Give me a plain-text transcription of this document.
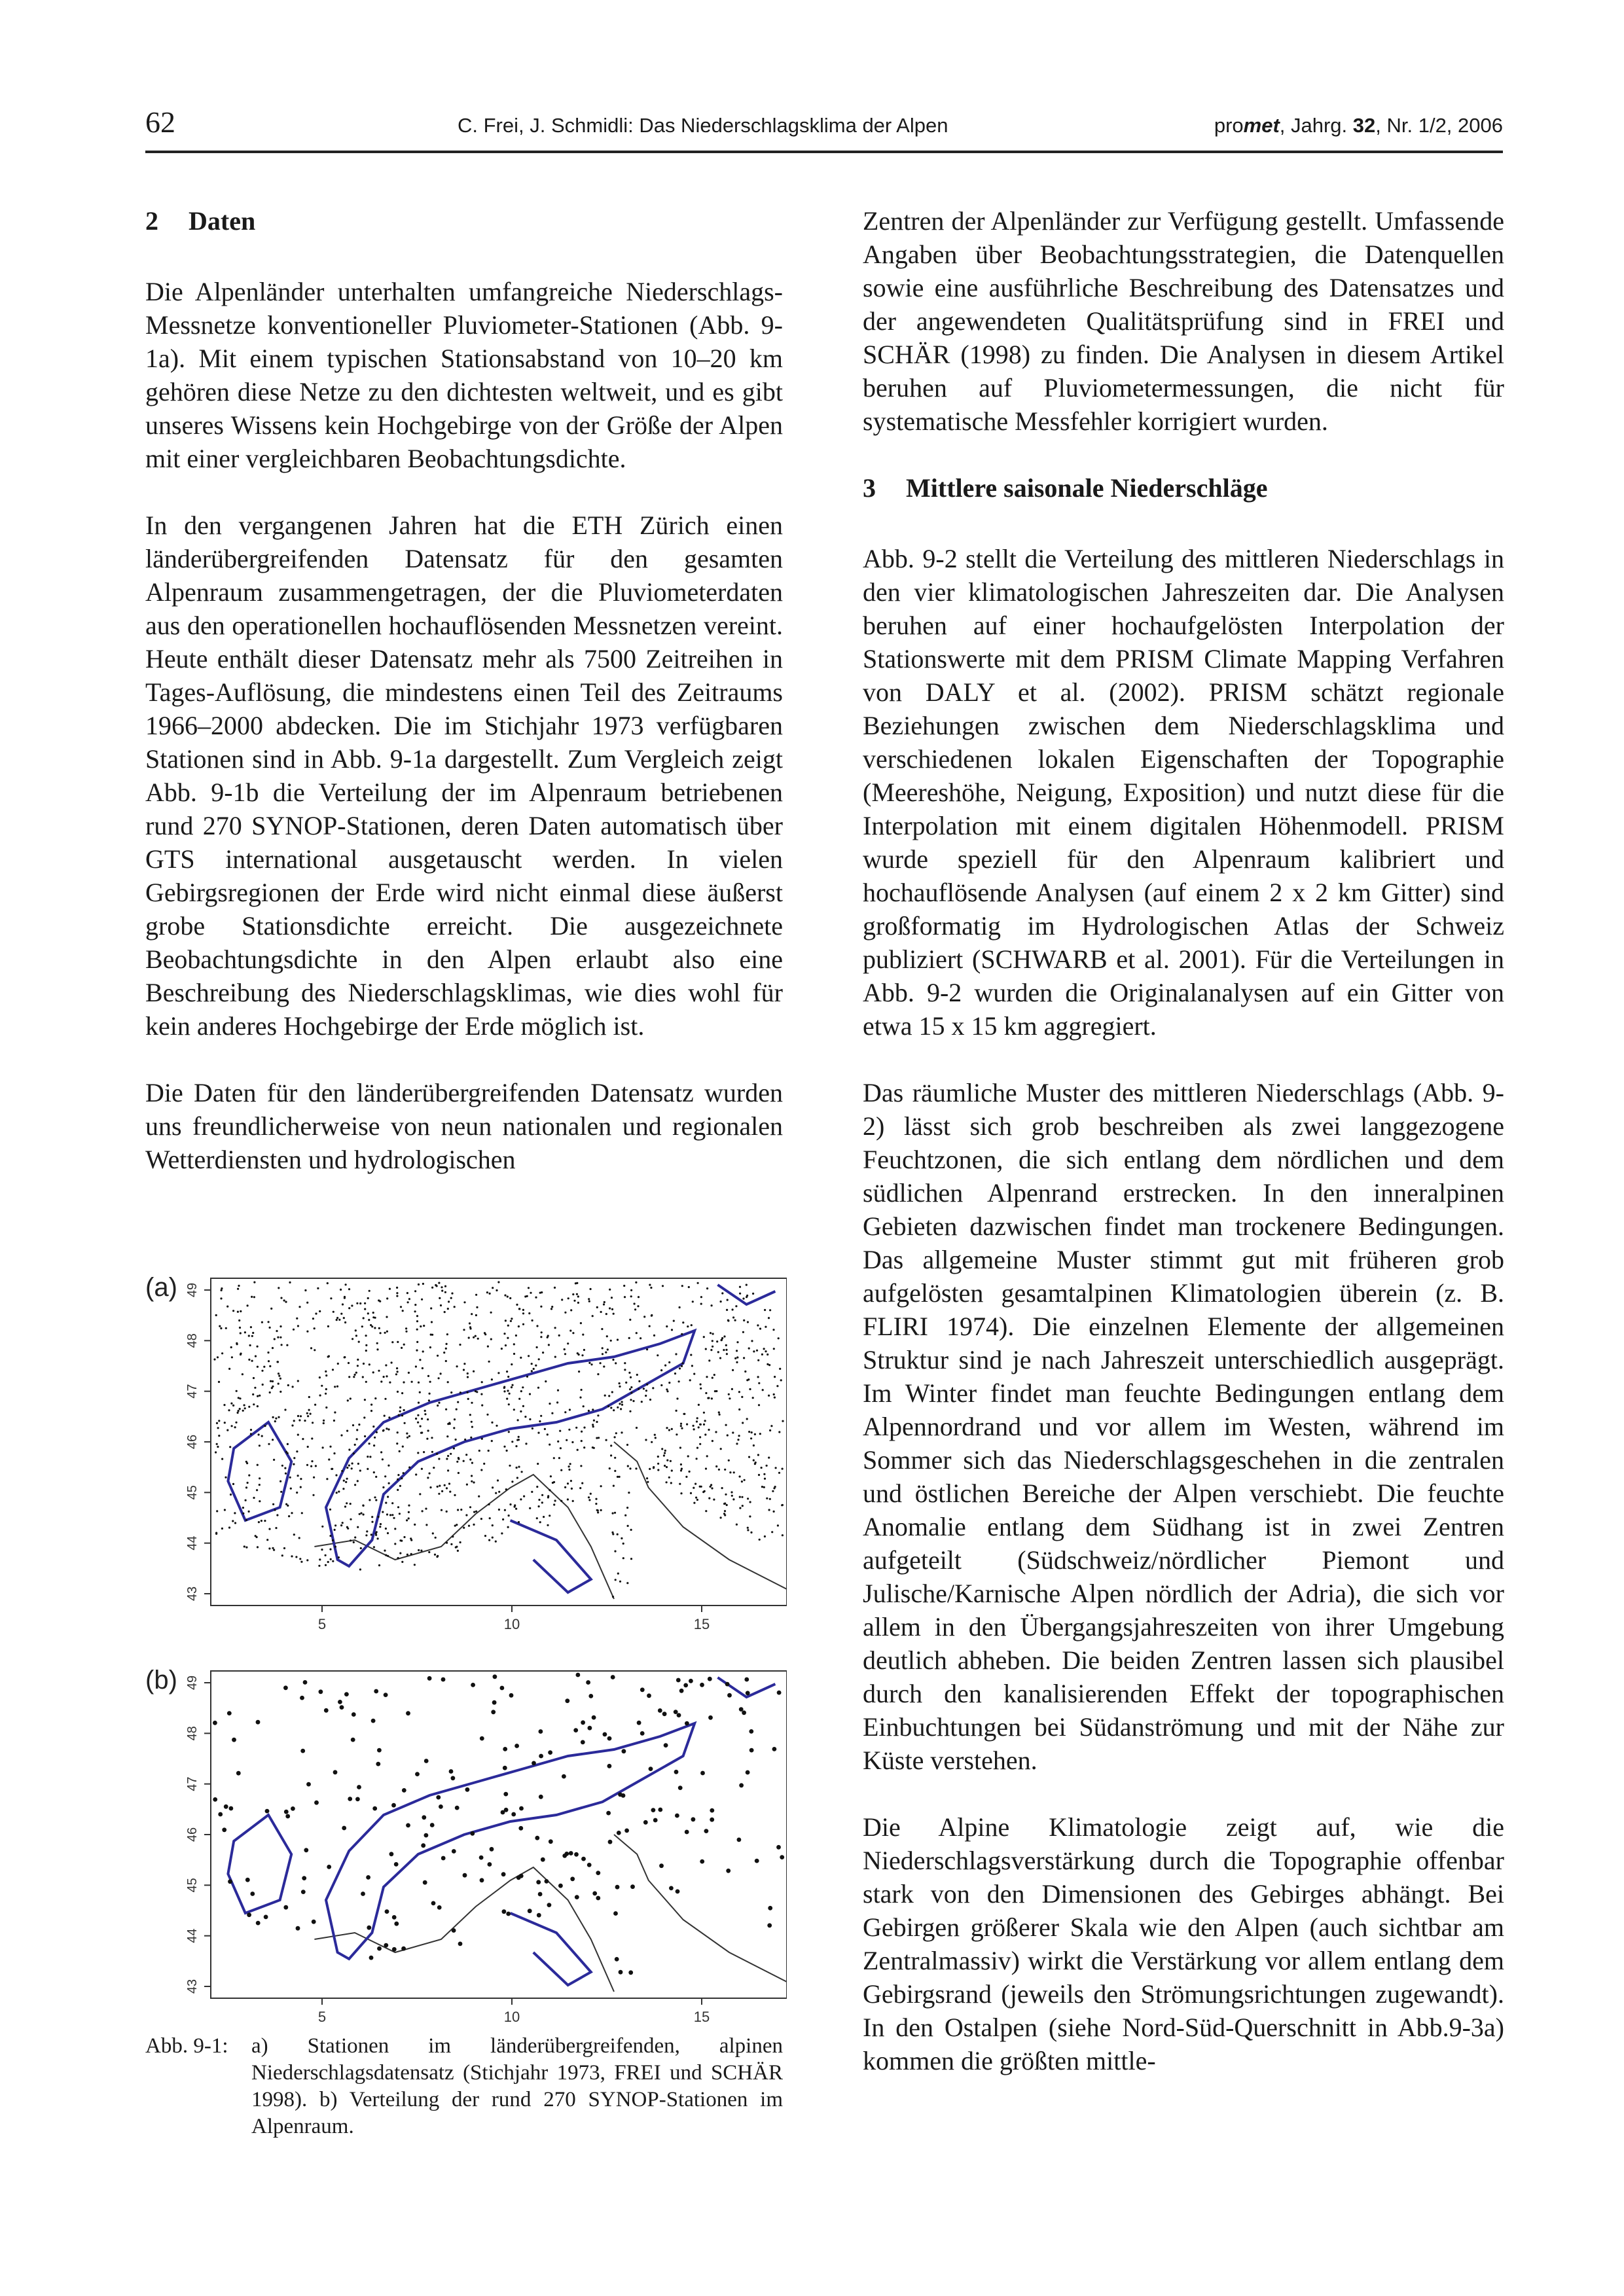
62	C. Frei, J. Schmidli: Das Niederschlagsklima der Alpen	promet, Jahrg. 32, Nr. 1/2, 2006
2	Daten

Die Alpenländer unterhalten umfangreiche Niederschlags-Messnetze konventioneller Pluviometer-Stationen (Abb. 9-1a). Mit einem typischen Stationsabstand von 10–20 km gehören diese Netze zu den dichtesten weltweit, und es gibt unseres Wissens kein Hochgebirge von der Größe der Alpen mit einer vergleichbaren Beobachtungsdichte.

In den vergangenen Jahren hat die ETH Zürich einen länderübergreifenden Datensatz für den gesamten Alpenraum zusammengetragen, der die Pluviometerdaten aus den operationellen hochauflösenden Messnetzen vereint. Heute enthält dieser Datensatz mehr als 7500 Zeitreihen in Tages-Auflösung, die mindestens einen Teil des Zeitraums 1966–2000 abdecken. Die im Stichjahr 1973 verfügbaren Stationen sind in Abb. 9-1a dargestellt. Zum Vergleich zeigt Abb. 9-1b die Verteilung der im Alpenraum betriebenen rund 270 SYNOP-Stationen, deren Daten automatisch über GTS international ausgetauscht werden. In vielen Gebirgsregionen der Erde wird nicht einmal diese äußerst grobe Stationsdichte erreicht. Die ausgezeichnete Beobachtungsdichte in den Alpen erlaubt also eine Beschreibung des Niederschlagsklimas, wie dies wohl für kein anderes Hochgebirge der Erde möglich ist.

Die Daten für den länderübergreifenden Datensatz wurden uns freundlicherweise von neun nationalen und regionalen Wetterdiensten und hydrologischen

Zentren der Alpenländer zur Verfügung gestellt. Umfassende Angaben über Beobachtungsstrategien, die Datenquellen sowie eine ausführliche Beschreibung des Datensatzes und der angewendeten Qualitätsprüfung sind in FREI und SCHÄR (1998) zu finden. Die Analysen in diesem Artikel beruhen auf Pluviometermessungen, die nicht für systematische Messfehler korrigiert wurden.

3	Mittlere saisonale Niederschläge

Abb. 9-2 stellt die Verteilung des mittleren Niederschlags in den vier klimatologischen Jahreszeiten dar. Die Analysen beruhen auf einer hochaufgelösten Interpolation der Stationswerte mit dem PRISM Climate Mapping Verfahren von DALY et al. (2002). PRISM schätzt regionale Beziehungen zwischen dem Niederschlagsklima und verschiedenen lokalen Eigenschaften der Topographie (Meereshöhe, Neigung, Exposition) und nutzt diese für die Interpolation mit einem digitalen Höhenmodell. PRISM wurde speziell für den Alpenraum kalibriert und hochauflösende Analysen (auf einem 2 x 2 km Gitter) sind großformatig im Hydrologischen Atlas der Schweiz publiziert (SCHWARB et al. 2001). Für die Verteilungen in Abb. 9-2 wurden die Originalanalysen auf ein Gitter von etwa 15 x 15 km aggregiert.

Das räumliche Muster des mittleren Niederschlags (Abb. 9-2) lässt sich grob beschreiben als zwei langgezogene Feuchtzonen, die sich entlang dem nördlichen und dem südlichen Alpenrand erstrecken. In den inneralpinen Gebieten dazwischen findet man trockenere Bedingungen. Das allgemeine Muster stimmt gut mit früheren grob aufgelösten gesamtalpinen Klimatologien überein (z. B. FLIRI 1974). Die einzelnen Elemente der allgemeinen Struktur sind je nach Jahreszeit unterschiedlich ausgeprägt. Im Winter findet man feuchte Bedingungen entlang dem Alpennordrand und vor allem im Westen, während im Sommer sich das Niederschlagsgeschehen in die zentralen und östlichen Bereiche der Alpen verschiebt. Die feuchte Anomalie entlang dem Südhang ist in zwei Zentren aufgeteilt (Südschweiz/nördlicher Piemont und Julische/Karnische Alpen nördlich der Adria), die sich vor allem in den Übergangsjahreszeiten von ihrer Umgebung deutlich abheben. Die beiden Zentren lassen sich plausibel durch den kanalisierenden Effekt der topographischen Einbuchtungen bei Südanströmung und mit der Nähe zur Küste verstehen.

Die Alpine Klimatologie zeigt auf, wie die Niederschlagsverstärkung durch die Topographie offenbar stark von den Dimensionen des Gebirges abhängt. Bei Gebirgen größerer Skala wie den Alpen (auch sichtbar am Zentralmassiv) wirkt die Verstärkung vor allem entlang dem Gebirgsrand (jeweils den Strömungsrichtungen zugewandt). In den Ostalpen (siehe Nord-Süd-Querschnitt in Abb.9-3a) kommen die größten mittle-

(a) 49
48
47
46
45
44
43
5	10	15
(b) 49
48
47
46
45
44
43
5	10	15
Abb. 9-1:	a) Stationen im länderübergreifenden, alpinen Niederschlagsdatensatz (Stichjahr 1973, FREI und SCHÄR 1998). b) Verteilung der rund 270 SYNOP-Stationen im Alpenraum.
